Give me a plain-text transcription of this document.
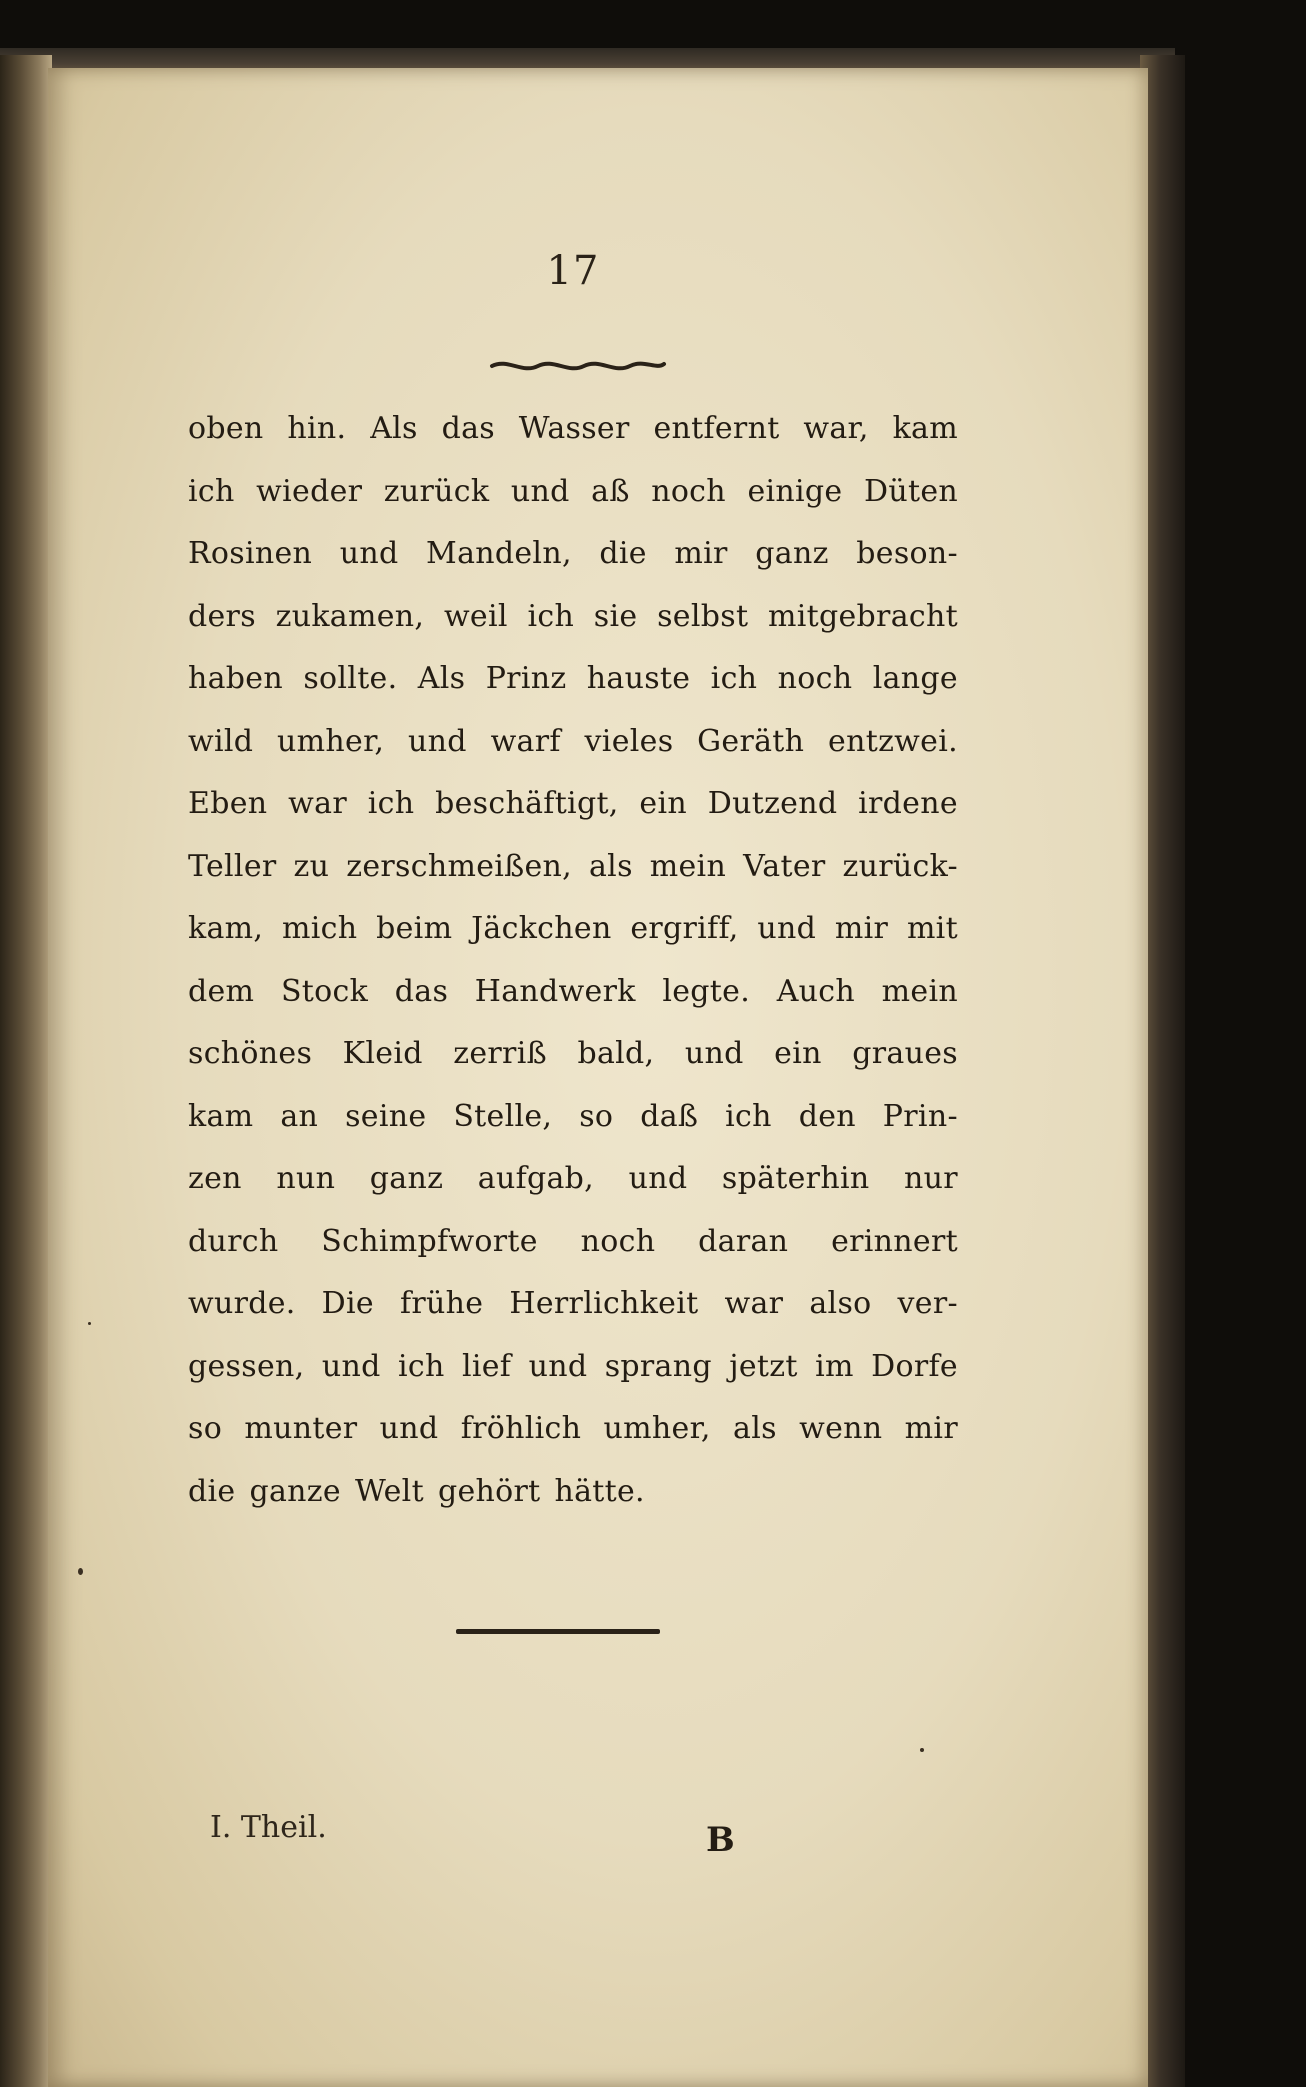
17
oben hin. Als das Wasser entfernt war, kam
ich wieder zurück und aß noch einige Düten
Rosinen und Mandeln, die mir ganz beson-
ders zukamen, weil ich sie selbst mitgebracht
haben sollte. Als Prinz hauste ich noch lange
wild umher, und warf vieles Geräth entzwei.
Eben war ich beschäftigt, ein Dutzend irdene
Teller zu zerschmeißen, als mein Vater zurück-
kam, mich beim Jäckchen ergriff, und mir mit
dem Stock das Handwerk legte. Auch mein
schönes Kleid zerriß bald, und ein graues
kam an seine Stelle, so daß ich den Prin-
zen nun ganz aufgab, und späterhin nur
durch Schimpfworte noch daran erinnert
wurde. Die frühe Herrlichkeit war also ver-
gessen, und ich lief und sprang jetzt im Dorfe
so munter und fröhlich umher, als wenn mir
die ganze Welt gehört hätte.
I. Theil.	B
